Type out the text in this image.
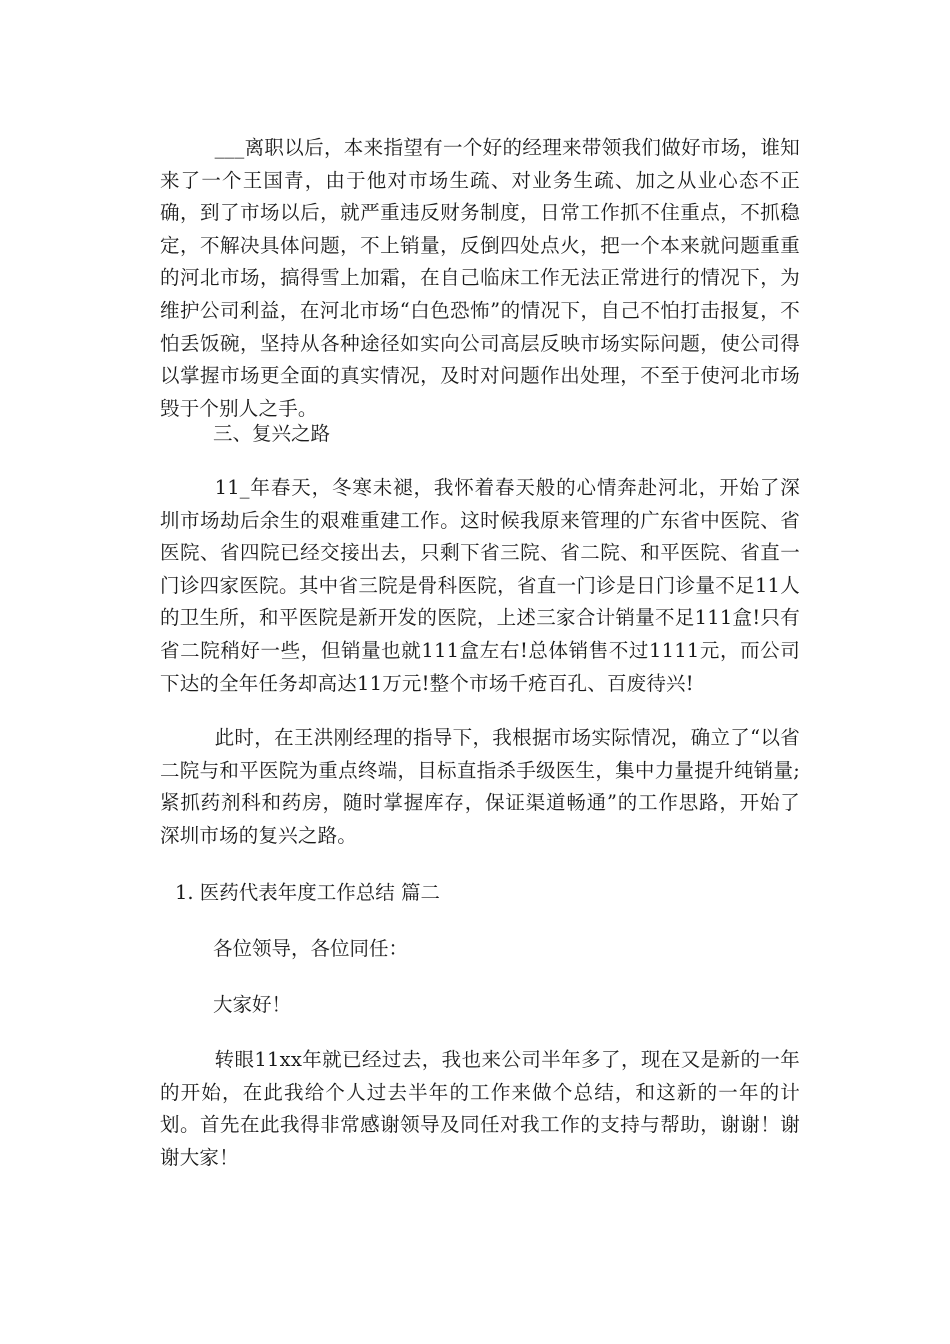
___离职以后，本来指望有一个好的经理来带领我们做好市场，谁知来了一个王国青，由于他对市场生疏、对业务生疏、加之从业心态不正确，到了市场以后，就严重违反财务制度，日常工作抓不住重点，不抓稳定，不解决具体问题，不上销量，反倒四处点火，把一个本来就问题重重的河北市场，搞得雪上加霜，在自己临床工作无法正常进行的情况下，为维护公司利益，在河北市场“白色恐怖”的情况下，自己不怕打击报复，不怕丢饭碗，坚持从各种途径如实向公司高层反映市场实际问题，使公司得以掌握市场更全面的真实情况，及时对问题作出处理，不至于使河北市场毁于个别人之手。

三、复兴之路

11_年春天，冬寒未褪，我怀着春天般的心情奔赴河北，开始了深圳市场劫后余生的艰难重建工作。这时候我原来管理的广东省中医院、省医院、省四院已经交接出去，只剩下省三院、省二院、和平医院、省直一门诊四家医院。其中省三院是骨科医院，省直一门诊是日门诊量不足11人的卫生所，和平医院是新开发的医院，上述三家合计销量不足111盒!只有省二院稍好一些，但销量也就111盒左右!总体销售不过1111元，而公司下达的全年任务却高达11万元!整个市场千疮百孔、百废待兴!

此时，在王洪刚经理的指导下，我根据市场实际情况，确立了“以省二院与和平医院为重点终端，目标直指杀手级医生，集中力量提升纯销量;紧抓药剂科和药房，随时掌握库存，保证渠道畅通”的工作思路，开始了深圳市场的复兴之路。

1. 医药代表年度工作总结 篇二

各位领导，各位同任：

大家好！

转眼11xx年就已经过去，我也来公司半年多了，现在又是新的一年的开始，在此我给个人过去半年的工作来做个总结，和这新的一年的计划。首先在此我得非常感谢领导及同任对我工作的支持与帮助，谢谢！谢谢大家！
